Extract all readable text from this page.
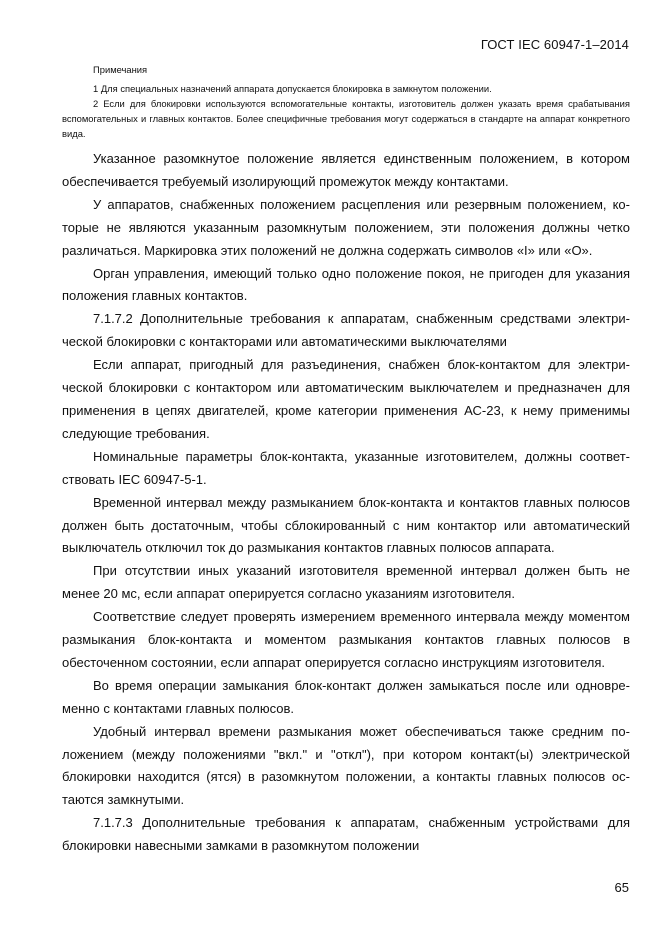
ГОСТ IEC 60947-1–2014

Примечания

1 Для специальных назначений аппарата допускается блокировка в замкнутом положении.

2 Если для блокировки используются вспомогательные контакты, изготовитель должен указать время срабатывания вспомогательных и главных контактов. Более специфичные требования могут содержаться в стандарте на аппарат конкретного вида.

Указанное разомкнутое положение является единственным положением, в котором обеспечивается требуемый изолирующий промежуток между контактами.

У аппаратов, снабженных положением расцепления или резервным положением, которые не являются указанным разомкнутым положением, эти положения должны четко различаться. Маркировка этих положений не должна содержать символов «I» или «О».

Орган управления, имеющий только одно положение покоя, не пригоден для указания положения главных контактов.

7.1.7.2 Дополнительные требования к аппаратам, снабженным средствами электрической блокировки с контакторами или автоматическими выключателями

Если аппарат, пригодный для разъединения, снабжен блок-контактом для электрической блокировки с контактором или автоматическим выключателем и предназначен для применения в цепях двигателей, кроме категории применения АС-23, к нему применимы следующие требования.

Номинальные параметры блок-контакта, указанные изготовителем, должны соответствовать IEC 60947-5-1.

Временной интервал между размыканием блок-контакта и контактов главных полюсов должен быть достаточным, чтобы сблокированный с ним контактор или автоматический выключатель отключил ток до размыкания контактов главных полюсов аппарата.

При отсутствии иных указаний изготовителя временной интервал должен быть не менее 20 мс, если аппарат оперируется согласно указаниям изготовителя.

Соответствие следует проверять измерением временного интервала между моментом размыкания блок-контакта и моментом размыкания контактов главных полюсов в обесточенном состоянии, если аппарат оперируется согласно инструкциям изготовителя.

Во время операции замыкания блок-контакт должен замыкаться после или одновременно с контактами главных полюсов.

Удобный интервал времени размыкания может обеспечиваться также средним положением (между положениями "вкл." и "откл"), при котором контакт(ы) электрической блокировки находится (ятся) в разомкнутом положении, а контакты главных полюсов остаются замкнутыми.

7.1.7.3 Дополнительные требования к аппаратам, снабженным устройствами для блокировки навесными замками в разомкнутом положении

65
